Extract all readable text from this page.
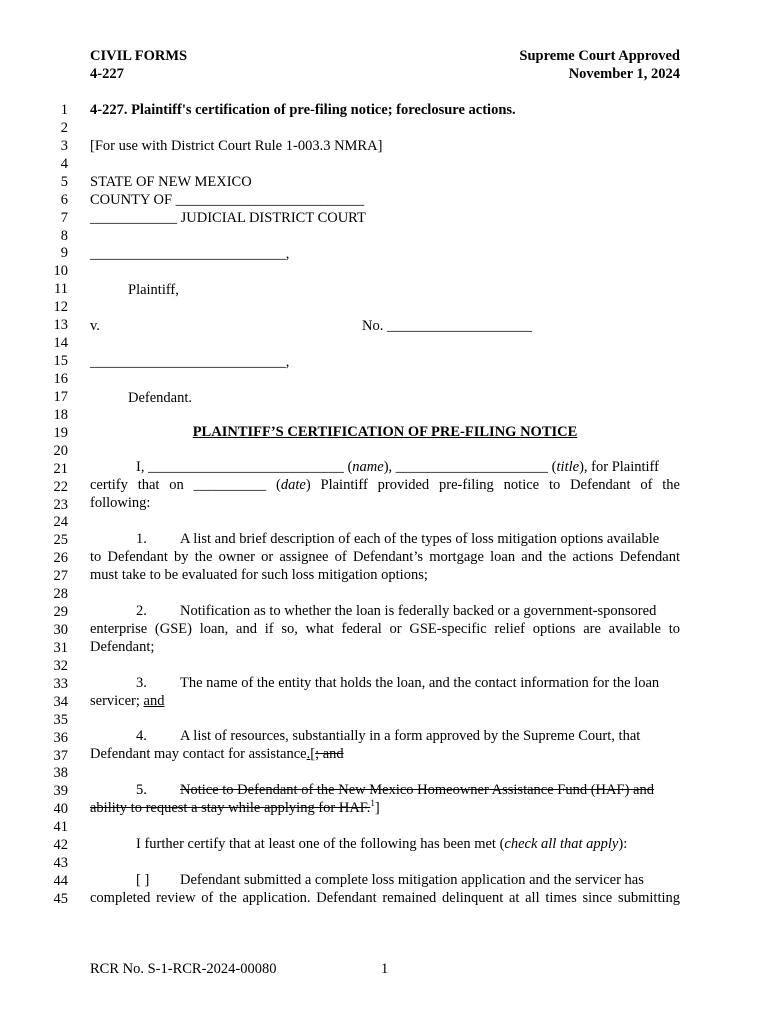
CIVIL FORMS
4-227
Supreme Court Approved
November 1, 2024
1
2
3
4
5
6
7
8
9
10
11
12
13
14
15
16
17
18
19
20
21
22
23
24
25
26
27
28
29
30
31
32
33
34
35
36
37
38
39
40
41
42
43
44
45
4-227. Plaintiff's certification of pre-filing notice; foreclosure actions.
[For use with District Court Rule 1-003.3 NMRA]
STATE OF NEW MEXICO
COUNTY OF __________________________
____________ JUDICIAL DISTRICT COURT
___________________________,
Plaintiff,
v.	No. ____________________
___________________________,
Defendant.
PLAINTIFF’S CERTIFICATION OF PRE-FILING NOTICE
I, ___________________________ (name), _____________________ (title), for Plaintiff
certify that on __________ (date) Plaintiff provided pre-filing notice to Defendant of the
following:
1. A list and brief description of each of the types of loss mitigation options available
to Defendant by the owner or assignee of Defendant’s mortgage loan and the actions Defendant
must take to be evaluated for such loss mitigation options;
2. Notification as to whether the loan is federally backed or a government-sponsored
enterprise (GSE) loan, and if so, what federal or GSE-specific relief options are available to
Defendant;
3. The name of the entity that holds the loan, and the contact information for the loan
servicer; and
4. A list of resources, substantially in a form approved by the Supreme Court, that
Defendant may contact for assistance.[; and
5. Notice to Defendant of the New Mexico Homeowner Assistance Fund (HAF) and
ability to request a stay while applying for HAF.$^1$]
I further certify that at least one of the following has been met (check all that apply):
[ ] Defendant submitted a complete loss mitigation application and the servicer has
completed review of the application. Defendant remained delinquent at all times since submitting
RCR No. S-1-RCR-2024-00080	1
